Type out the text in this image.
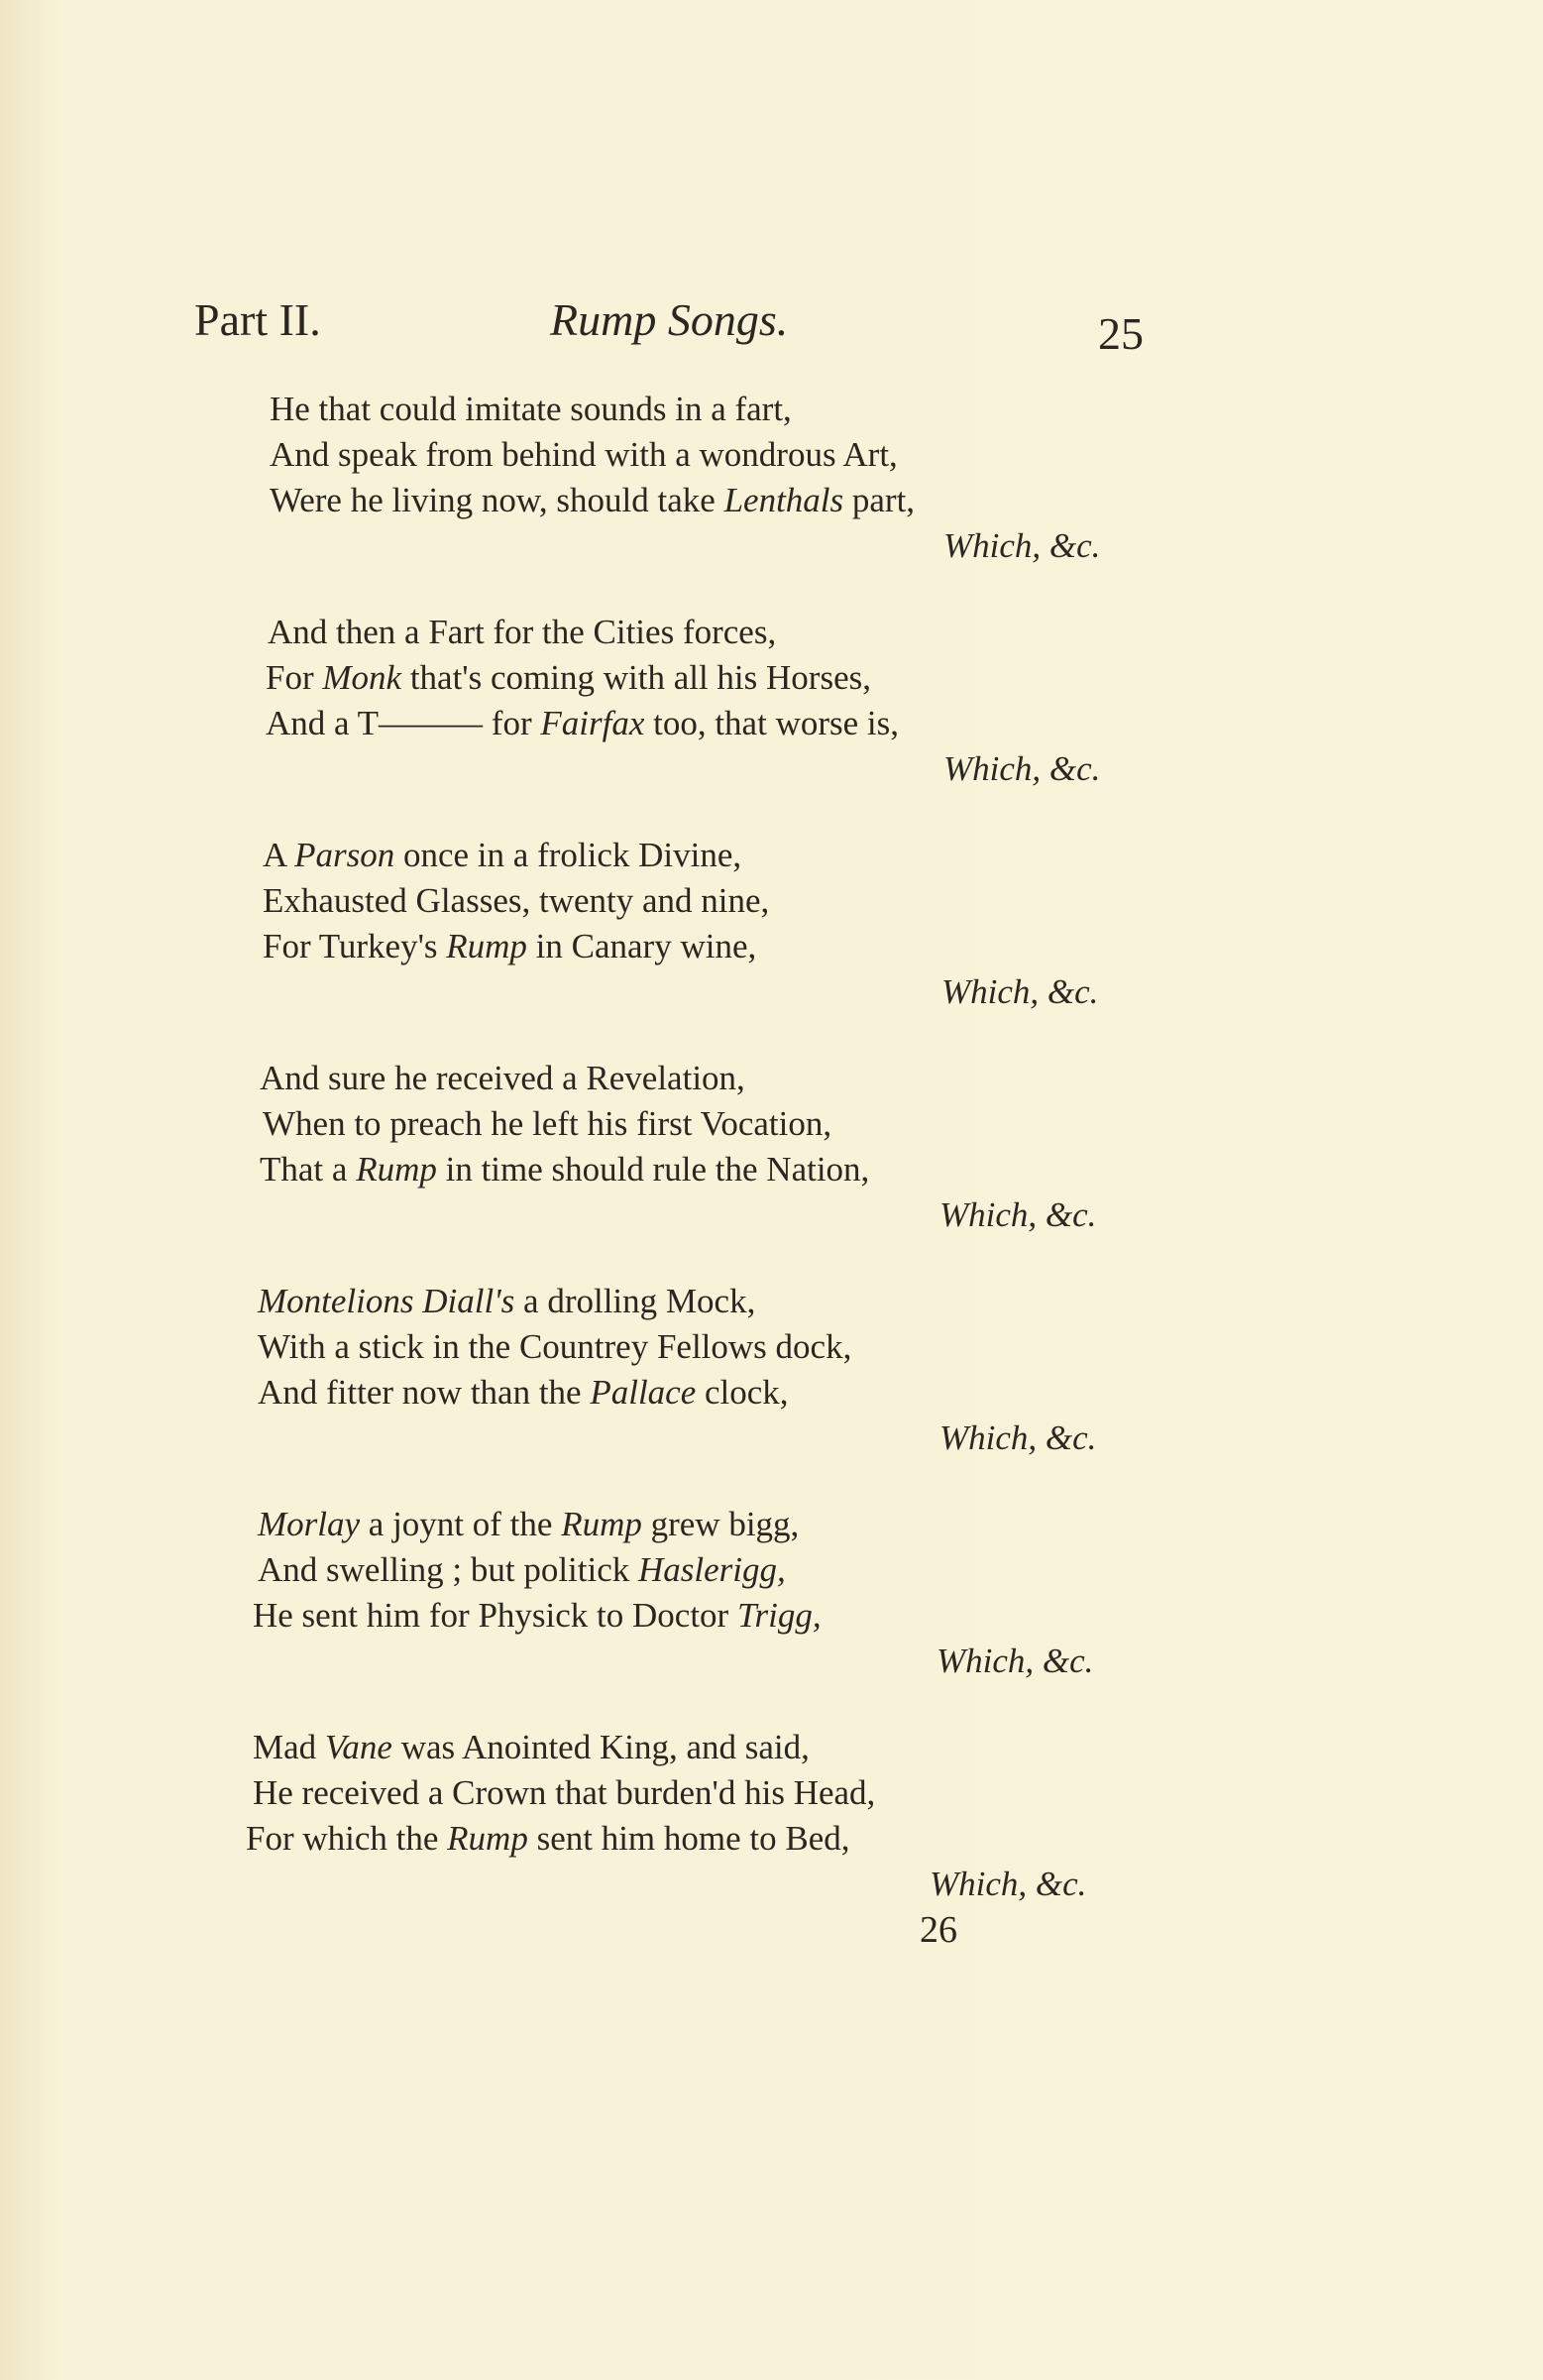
Part II.	Rump Songs.	25
He that could imitate sounds in a fart,
And speak from behind with a wondrous Art,
Were he living now, should take Lenthals part,
Which, &c.
And then a Fart for the Cities forces,
For Monk that's coming with all his Horses,
And a T——— for Fairfax too, that worse is,
Which, &c.
A Parson once in a frolick Divine,
Exhausted Glasses, twenty and nine,
For Turkey's Rump in Canary wine,
Which, &c.
And sure he received a Revelation,
When to preach he left his first Vocation,
That a Rump in time should rule the Nation,
Which, &c.
Montelions Diall's a drolling Mock,
With a stick in the Countrey Fellows dock,
And fitter now than the Pallace clock,
Which, &c.
Morlay a joynt of the Rump grew bigg,
And swelling ; but politick Haslerigg,
He sent him for Physick to Doctor Trigg,
Which, &c.
Mad Vane was Anointed King, and said,
He received a Crown that burden'd his Head,
For which the Rump sent him home to Bed,
Which, &c.
26
